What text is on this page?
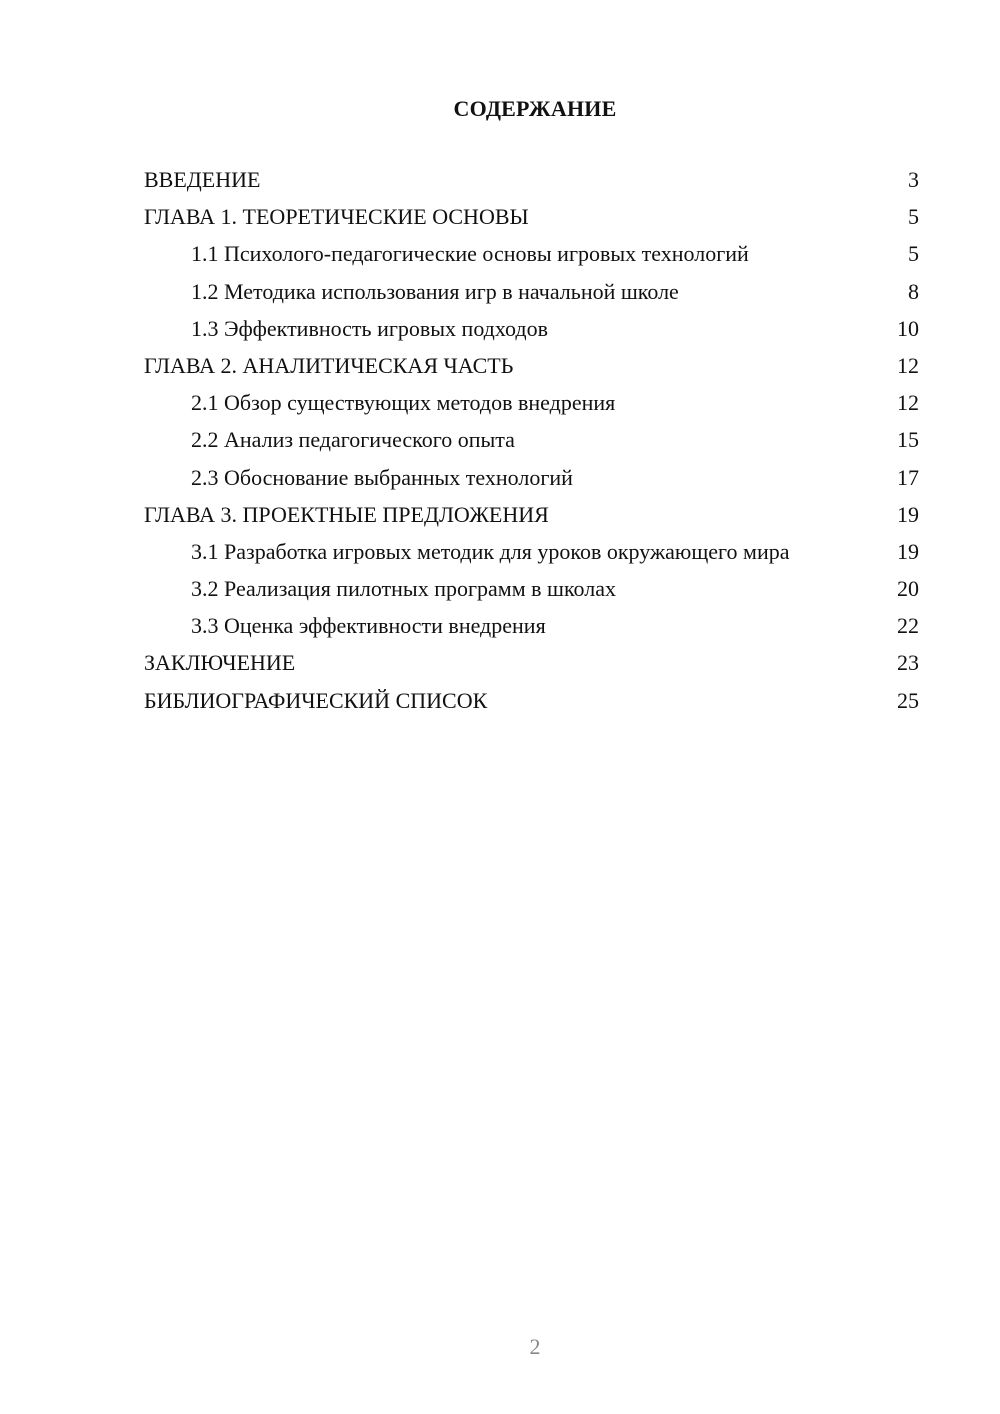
СОДЕРЖАНИЕ
ВВЕДЕНИЕ	3
ГЛАВА 1. ТЕОРЕТИЧЕСКИЕ ОСНОВЫ	5
1.1 Психолого-педагогические основы игровых технологий	5
1.2 Методика использования игр в начальной школе	8
1.3 Эффективность игровых подходов	10
ГЛАВА 2. АНАЛИТИЧЕСКАЯ ЧАСТЬ	12
2.1 Обзор существующих методов внедрения	12
2.2 Анализ педагогического опыта	15
2.3 Обоснование выбранных технологий	17
ГЛАВА 3. ПРОЕКТНЫЕ ПРЕДЛОЖЕНИЯ	19
3.1 Разработка игровых методик для уроков окружающего мира	19
3.2 Реализация пилотных программ в школах	20
3.3 Оценка эффективности внедрения	22
ЗАКЛЮЧЕНИЕ	23
БИБЛИОГРАФИЧЕСКИЙ СПИСОК	25
2
